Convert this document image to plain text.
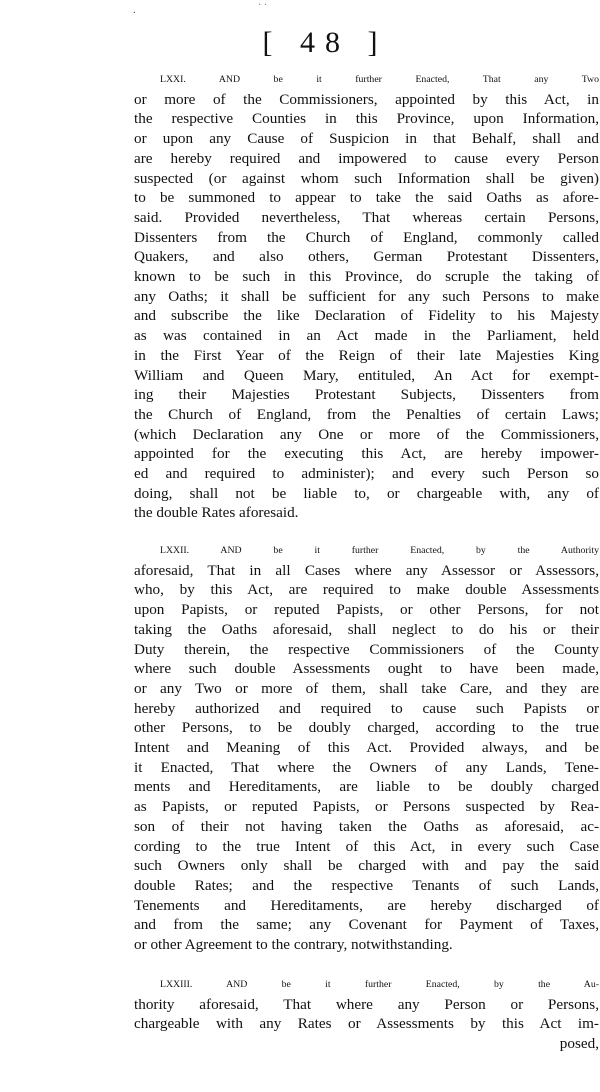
.	· ·
[ 48 ]
LXXI. AND be it further Enacted, That any Two
or more of the Commissioners, appointed by this Act, in
the respective Counties in this Province, upon Information,
or upon any Cause of Suspicion in that Behalf, shall and
are hereby required and impowered to cause every Person
suspected (or against whom such Information shall be given)
to be summoned to appear to take the said Oaths as afore-
said. Provided nevertheless, That whereas certain Persons,
Dissenters from the Church of England, commonly called
Quakers, and also others, German Protestant Dissenters,
known to be such in this Province, do scruple the taking of
any Oaths; it shall be sufficient for any such Persons to make
and subscribe the like Declaration of Fidelity to his Majesty
as was contained in an Act made in the Parliament, held
in the First Year of the Reign of their late Majesties King
William and Queen Mary, entituled, An Act for exempt-
ing their Majesties Protestant Subjects, Dissenters from
the Church of England, from the Penalties of certain Laws;
(which Declaration any One or more of the Commissioners,
appointed for the executing this Act, are hereby impower-
ed and required to administer); and every such Person so
doing, shall not be liable to, or chargeable with, any of
the double Rates aforesaid.
LXXII. AND be it further Enacted, by the Authority
aforesaid, That in all Cases where any Assessor or Assessors,
who, by this Act, are required to make double Assessments
upon Papists, or reputed Papists, or other Persons, for not
taking the Oaths aforesaid, shall neglect to do his or their
Duty therein, the respective Commissioners of the County
where such double Assessments ought to have been made,
or any Two or more of them, shall take Care, and they are
hereby authorized and required to cause such Papists or
other Persons, to be doubly charged, according to the true
Intent and Meaning of this Act. Provided always, and be
it Enacted, That where the Owners of any Lands, Tene-
ments and Hereditaments, are liable to be doubly charged
as Papists, or reputed Papists, or Persons suspected by Rea-
son of their not having taken the Oaths as aforesaid, ac-
cording to the true Intent of this Act, in every such Case
such Owners only shall be charged with and pay the said
double Rates; and the respective Tenants of such Lands,
Tenements and Hereditaments, are hereby discharged of
and from the same; any Covenant for Payment of Taxes,
or other Agreement to the contrary, notwithstanding.
LXXIII. AND be it further Enacted, by the Au-
thority aforesaid, That where any Person or Persons,
chargeable with any Rates or Assessments by this Act im-
posed,
